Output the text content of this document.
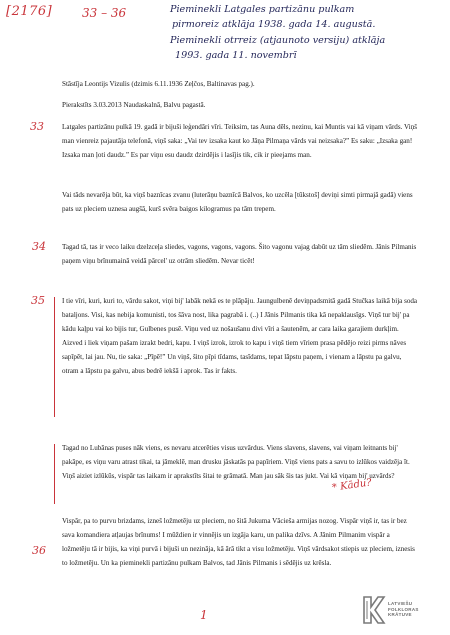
[2176] 33 – 36	Pieminekli Latgales partizānu pulkam
pirmoreiz atklāja 1938. gada 14. augustā.
Pieminekli otrreiz (atjaunoto versiju) atklāja
1993. gada 11. novembrī

Stāstīja Leontijs Vizulis (dzimis 6.11.1936 Zeļčos, Baltinavas pag.).

Pierakstīts 3.03.2013 Naudaskalnā, Balvu pagastā.

33
34
35
36

Latgales partizānu pulkā 19. gadā ir bijuši leģendāri vīri. Teiksim, tas Auna dēls, nezinu, kai Muntis vai kā viņam vārds. Viņš man vienreiz pajautāja telefonā, viņš saka: „Vai tev izsaka kaut ko Jāņa Pilmaņa vārds vai neizsaka?” Es saku: „Izsaka gan! Izsaka man ļoti daudz.” Es par viņu esu daudz dzirdējis i lasījis tik, cik ir pieejams man.

Vai tāds nevarēja būt, ka viņš baznīcas zvanu (luterāņu baznīcā Balvos, ko uzcēla [tūkstoš] deviņi simti pirmajā gadā) viens pats uz pleciem uznesa augšā, kurš svēra baigos kilogramus pa tām trepem.

Tagad tā, tas ir veco laiku dzelzceļa sliedes, vagons, vagons, vagons. Šito vagonu vajag dabūt uz tām sliedēm. Jānis Pilmanis paņem viņu brīnumainā veidā pārcel' uz otrām sliedēm. Nevar ticēt!

I tie vīri, kuri, kuri to, vārdu sakot, viņi bij' labāk nekā es te plāpāju. Jaungulbenē deviņpadsmitā gadā Stučkas laikā bija soda bataljons. Visi, kas nebija komunisti, tos šāva nost, lika pagrabā i. (..) I Jānis Pilmanis tika kā nepaklausīgs. Viņš tur bij' pa kādu kaļpu vai ko bijis tur, Gulbenes pusē. Viņu ved uz nošaušanu divi vīri a šautenēm, ar cara laika garajiem durkļim. Aizved i liek viņam pašam izrakt bedri, kapu. I viņš izrok, izrok to kapu i viņš tiem vīriem prasa pēdējo reizi pirms nāves sapīpēt, lai jau. Nu, tie saka: „Pīpē!” Un viņš, šito pīpi tīdams, tasīdams, tepat lāpstu paņem, i vienam a lāpstu pa galvu, otram a lāpstu pa galvu, abus bedrē iekšā i aprok. Tas ir fakts.

Tagad no Lubānas puses nāk viens, es nevaru atcerēties visus uzvārdus. Viens slavens, slavens, vai viņam leitnants bij' pakāpe, es viņu varu atrast tikai, ta jāmeklē, man drusku jāskatās pa papīriem. Viņš viens pats a savu to izlūkos vaidzēja īt. Viņš aiziet izlūkūs, vispār tas laikam ir aprakstīts šitai te grāmatā. Man jau sāk šis tas jukt. Vai kā viņam bij' uzvārds?

Vispār, pa to purvu brizdams, izneš ložmetēju uz pleciem, no šitā Jukuma Vācieša armijas nozog. Vispār viņš ir, tas ir bez sava komandiera atļaujas brīnums! I mūždien ir vinnējis un izgāja karu, un palika dzīvs. A Jānim Pilmanim vispār a ložmetēju tā ir bijis, ka viņi purvā i bijuši un nezināja, kā ārā tikt a visu ložmetēju. Viņš vārdsakot stiepis uz pleciem, iznesis to ložmetēju. Un ka pieminekli partizānu pulkam Balvos, tad Jānis Pilmanis i sēdējis uz krēsla.

* Kādu?
1
LATVIEŠU
FOLKLORAS
KRĀTUVE
